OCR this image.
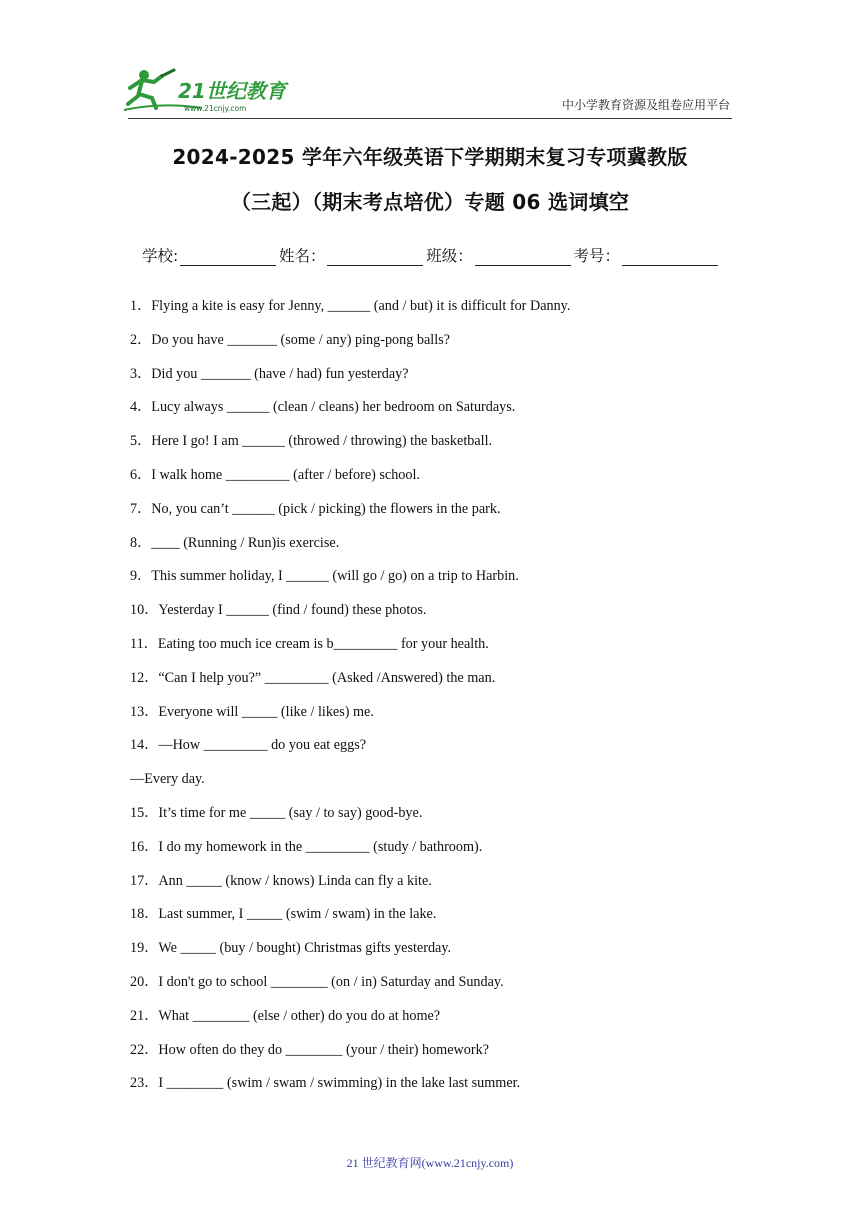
21世纪教育
www.21cnjy.com	中小学教育资源及组卷应用平台
2024-2025 学年六年级英语下学期期末复习专项冀教版
（三起）（期末考点培优）专题 06 选词填空
学校:	姓名：	班级：	考号：
1．Flying a kite is easy for Jenny, ______ (and / but) it is difficult for Danny.
2．Do you have _______ (some / any) ping-pong balls?
3．Did you _______ (have / had) fun yesterday?
4．Lucy always ______ (clean / cleans) her bedroom on Saturdays.
5．Here I go! I am ______ (throwed / throwing) the basketball.
6．I walk home _________ (after / before) school.
7．No, you can’t ______ (pick / picking) the flowers in the park.
8．____ (Running / Run)is exercise.
9．This summer holiday, I ______ (will go / go) on a trip to Harbin.
10．Yesterday I ______ (find / found) these photos.
11．Eating too much ice cream is b_________ for your health.
12．“Can I help you?” _________ (Asked /Answered) the man.
13．Everyone will _____ (like / likes) me.
14．—How _________ do you eat eggs?
—Every day.
15．It’s time for me _____ (say / to say) good-bye.
16．I do my homework in the _________ (study / bathroom).
17．Ann _____ (know / knows) Linda can fly a kite.
18．Last summer, I _____ (swim / swam) in the lake.
19．We _____ (buy / bought) Christmas gifts yesterday.
20．I don't go to school ________ (on / in) Saturday and Sunday.
21．What ________ (else / other) do you do at home?
22．How often do they do ________ (your / their) homework?
23．I ________ (swim / swam / swimming) in the lake last summer.
21 世纪教育网(www.21cnjy.com)
